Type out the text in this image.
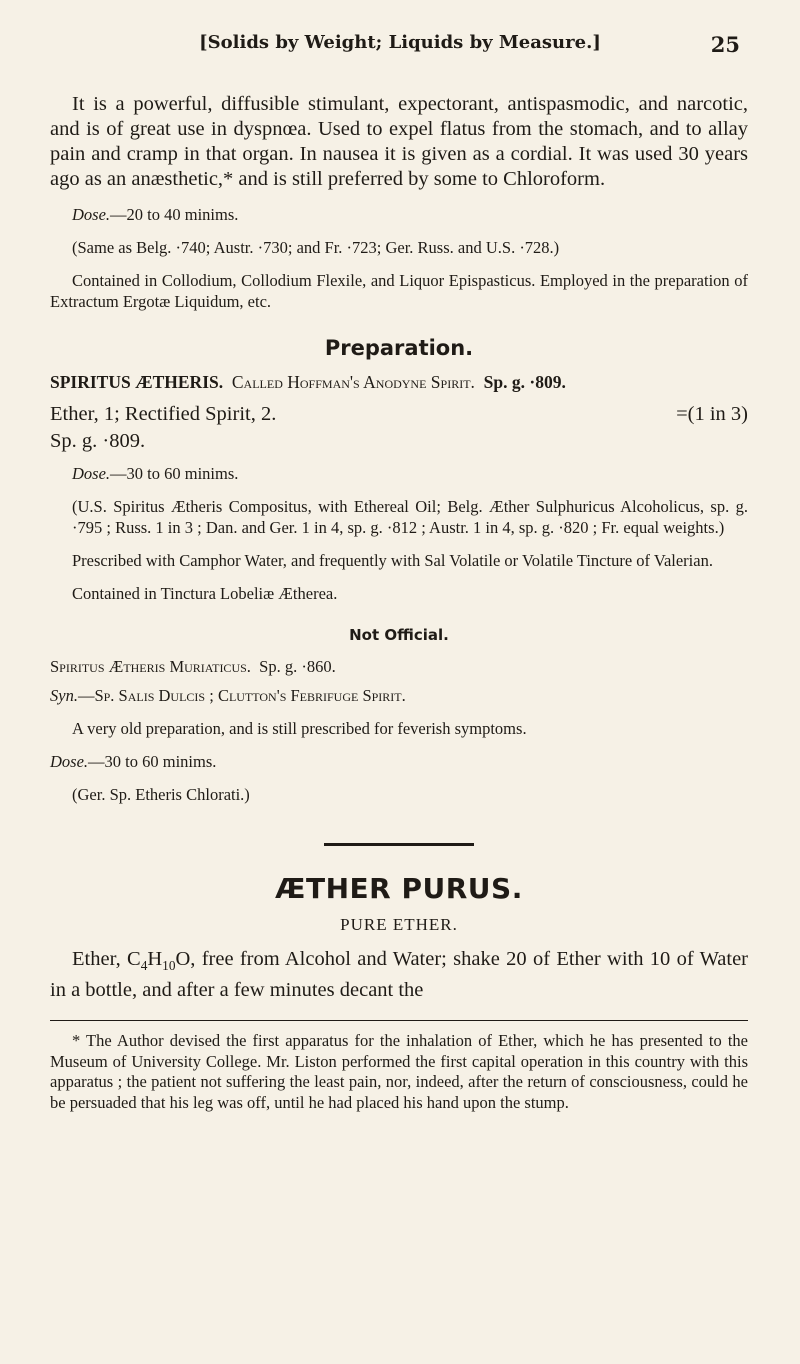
[Solids by Weight; Liquids by Measure.]	25

It is a powerful, diffusible stimulant, expectorant, antispasmodic, and narcotic, and is of great use in dyspnœa. Used to expel flatus from the stomach, and to allay pain and cramp in that organ. In nausea it is given as a cordial. It was used 30 years ago as an anæsthetic,* and is still preferred by some to Chloroform.

Dose.—20 to 40 minims.

(Same as Belg. ·740; Austr. ·730; and Fr. ·723; Ger. Russ. and U.S. ·728.)

Contained in Collodium, Collodium Flexile, and Liquor Epispasticus. Employed in the preparation of Extractum Ergotæ Liquidum, etc.

Preparation.

SPIRITUS ÆTHERIS. Called Hoffman's Anodyne Spirit. Sp. g. ·809.

Ether, 1; Rectified Spirit, 2.	=(1 in 3)

Sp. g. ·809.

Dose.—30 to 60 minims.

(U.S. Spiritus Ætheris Compositus, with Ethereal Oil; Belg. Æther Sulphuricus Alcoholicus, sp. g. ·795 ; Russ. 1 in 3 ; Dan. and Ger. 1 in 4, sp. g. ·812 ; Austr. 1 in 4, sp. g. ·820 ; Fr. equal weights.)

Prescribed with Camphor Water, and frequently with Sal Volatile or Volatile Tincture of Valerian.

Contained in Tinctura Lobeliæ Ætherea.

Not Official.

Spiritus Ætheris Muriaticus. Sp. g. ·860.

Syn.—Sp. Salis Dulcis ; Clutton's Febrifuge Spirit.

A very old preparation, and is still prescribed for feverish symptoms.

Dose.—30 to 60 minims.

(Ger. Sp. Etheris Chlorati.)

ÆTHER PURUS.
PURE ETHER.

Ether, $C_4H_{10}O$, free from Alcohol and Water; shake 20 of Ether with 10 of Water in a bottle, and after a few minutes decant the

* The Author devised the first apparatus for the inhalation of Ether, which he has presented to the Museum of University College. Mr. Liston performed the first capital operation in this country with this apparatus ; the patient not suffering the least pain, nor, indeed, after the return of consciousness, could he be persuaded that his leg was off, until he had placed his hand upon the stump.
